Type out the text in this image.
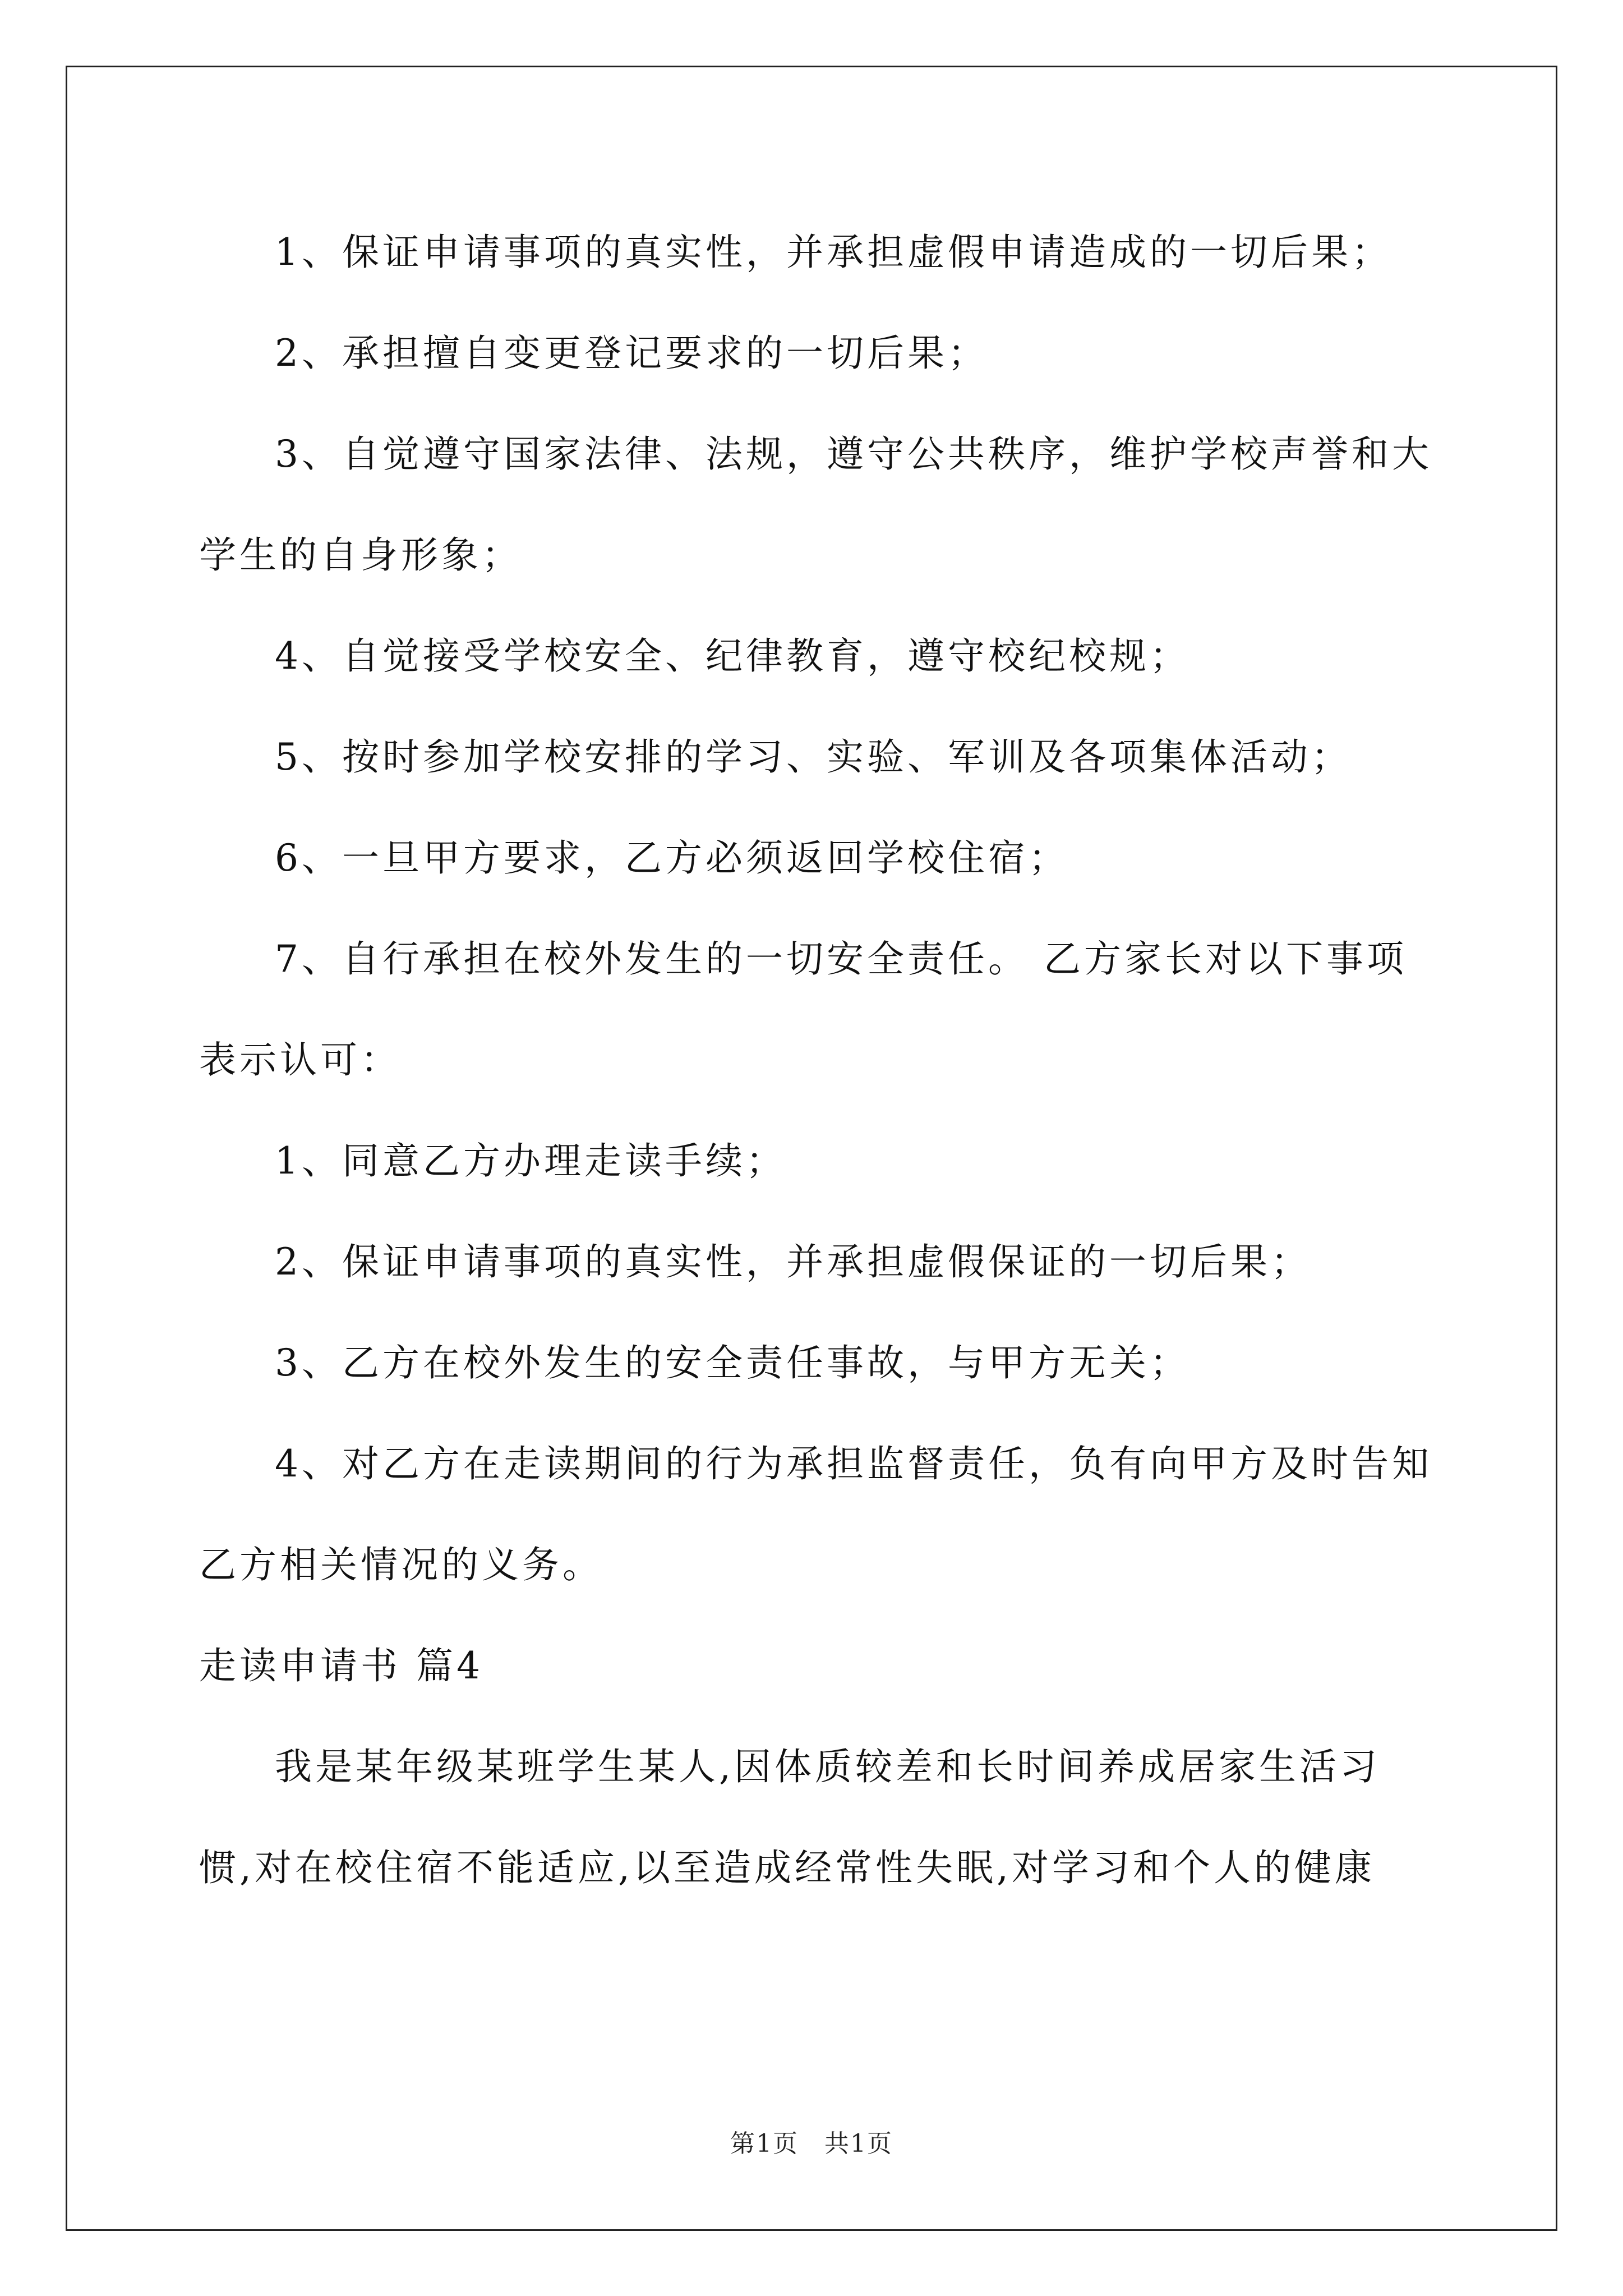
1、保证申请事项的真实性，并承担虚假申请造成的一切后果；
2、承担擅自变更登记要求的一切后果；
3、自觉遵守国家法律、法规，遵守公共秩序，维护学校声誉和大
学生的自身形象；
4、自觉接受学校安全、纪律教育，遵守校纪校规；
5、按时参加学校安排的学习、实验、军训及各项集体活动；
6、一旦甲方要求，乙方必须返回学校住宿；
7、自行承担在校外发生的一切安全责任。 乙方家长对以下事项
表示认可：
1、同意乙方办理走读手续；
2、保证申请事项的真实性，并承担虚假保证的一切后果；
3、乙方在校外发生的安全责任事故，与甲方无关；
4、对乙方在走读期间的行为承担监督责任，负有向甲方及时告知
乙方相关情况的义务。
走读申请书 篇4
我是某年级某班学生某人,因体质较差和长时间养成居家生活习
惯,对在校住宿不能适应,以至造成经常性失眠,对学习和个人的健康
第1页　共1页
